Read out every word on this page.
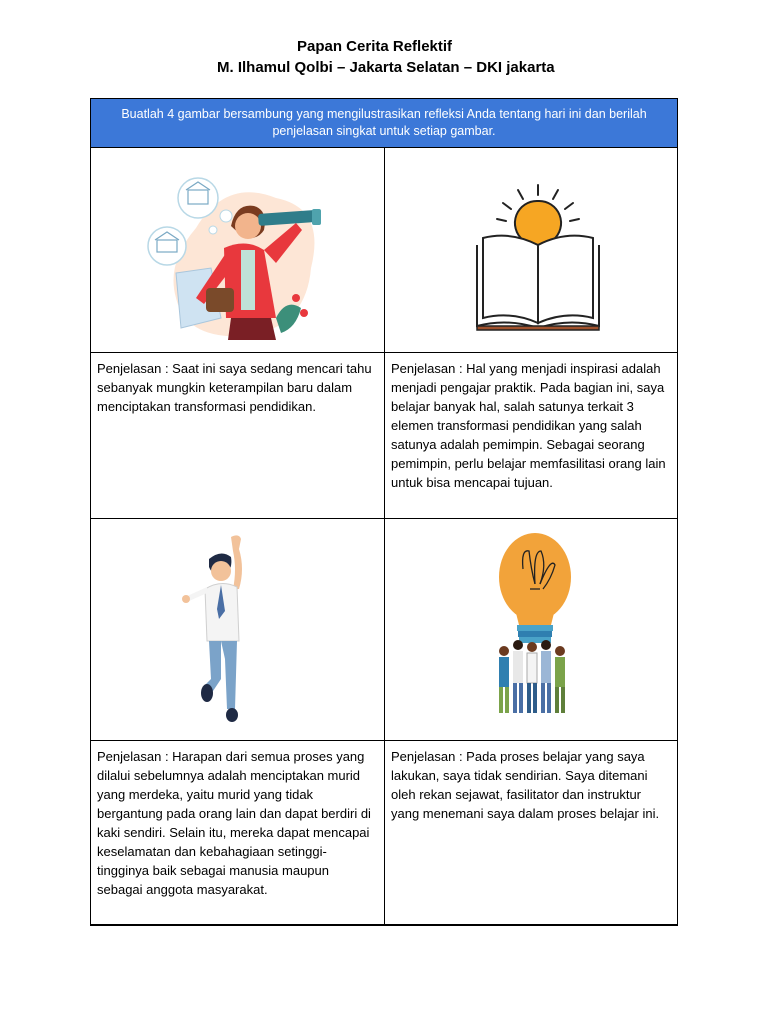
Papan Cerita Reflektif
M. Ilhamul Qolbi – Jakarta Selatan – DKI jakarta
Buatlah 4 gambar bersambung yang mengilustrasikan refleksi Anda tentang hari ini dan berilah penjelasan singkat untuk setiap gambar.
Penjelasan : Saat ini saya sedang mencari tahu sebanyak mungkin keterampilan baru dalam menciptakan transformasi pendidikan.
Penjelasan : Hal yang menjadi inspirasi adalah menjadi pengajar praktik. Pada bagian ini, saya belajar banyak hal, salah satunya terkait 3 elemen transformasi pendidikan yang salah satunya adalah pemimpin. Sebagai seorang pemimpin, perlu belajar memfasilitasi orang lain untuk bisa mencapai tujuan.
Penjelasan : Harapan dari semua proses yang dilalui sebelumnya adalah menciptakan murid yang merdeka, yaitu murid yang tidak bergantung pada orang lain dan dapat berdiri di kaki sendiri. Selain itu, mereka dapat mencapai keselamatan dan kebahagiaan setinggi-tingginya baik sebagai manusia maupun sebagai anggota masyarakat.
Penjelasan : Pada proses belajar yang saya lakukan, saya tidak sendirian. Saya ditemani oleh rekan sejawat, fasilitator dan instruktur yang menemani saya dalam proses belajar ini.
